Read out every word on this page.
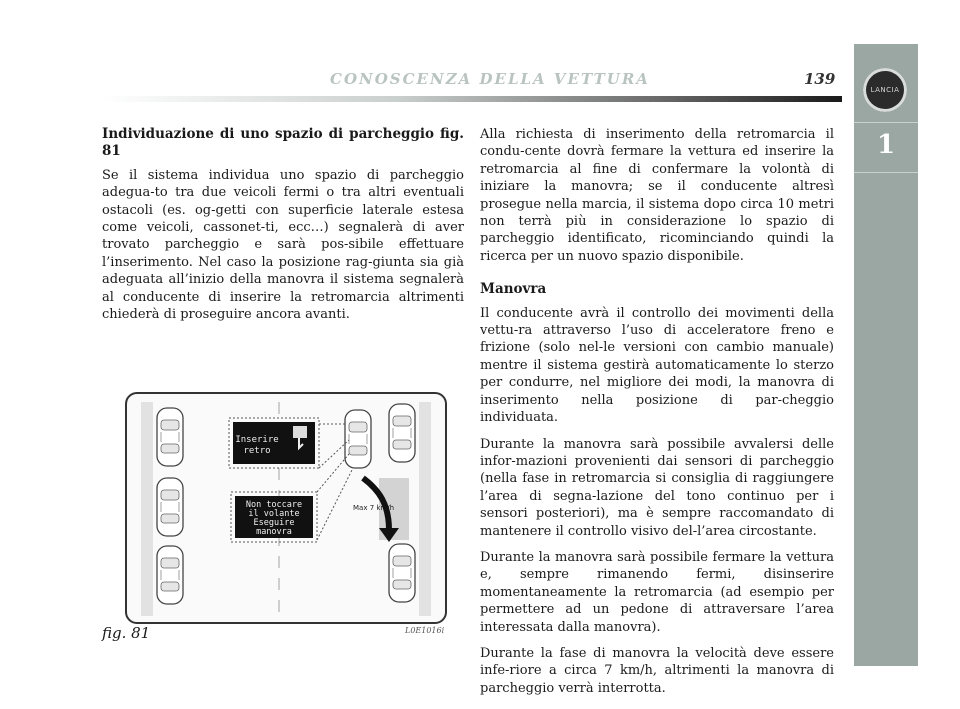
LANCIA
1
CONOSCENZA DELLA VETTURA	139
Individuazione di uno spazio di parcheggio fig. 81

Se il sistema individua uno spazio di parcheggio adegua-to tra due veicoli fermi o tra altri eventuali ostacoli (es. og-getti con superficie laterale estesa come veicoli, cassonet-ti, ecc…) segnalerà di aver trovato parcheggio e sarà pos-sibile effettuare l’inserimento. Nel caso la posizione rag-giunta sia già adeguata all’inizio della manovra il sistema segnalerà al conducente di inserire la retromarcia altrimenti chiederà di proseguire ancora avanti.

Alla richiesta di inserimento della retromarcia il condu-cente dovrà fermare la vettura ed inserire la retromarcia al fine di confermare la volontà di iniziare la manovra; se il conducente altresì prosegue nella marcia, il sistema dopo circa 10 metri non terrà più in considerazione lo spazio di parcheggio identificato, ricominciando quindi la ricerca per un nuovo spazio disponibile.

Manovra

Il conducente avrà il controllo dei movimenti della vettu-ra attraverso l’uso di acceleratore freno e frizione (solo nel-le versioni con cambio manuale) mentre il sistema gestirà automaticamente lo sterzo per condurre, nel migliore dei modi, la manovra di inserimento nella posizione di par-cheggio individuata.

Durante la manovra sarà possibile avvalersi delle infor-mazioni provenienti dai sensori di parcheggio (nella fase in retromarcia si consiglia di raggiungere l’area di segna-lazione del tono continuo per i sensori posteriori), ma è sempre raccomandato di mantenere il controllo visivo del-l’area circostante.

Durante la manovra sarà possibile fermare la vettura e, sempre rimanendo fermi, disinserire momentaneamente la retromarcia (ad esempio per permettere ad un pedone di attraversare l’area interessata dalla manovra).

Durante la fase di manovra la velocità deve essere infe-riore a circa 7 km/h, altrimenti la manovra di parcheggio verrà interrotta.

Inserire
retro
Non toccare
il volante
Eseguire
manovra
Max 7 km/h
fig. 81	L0E1016i
